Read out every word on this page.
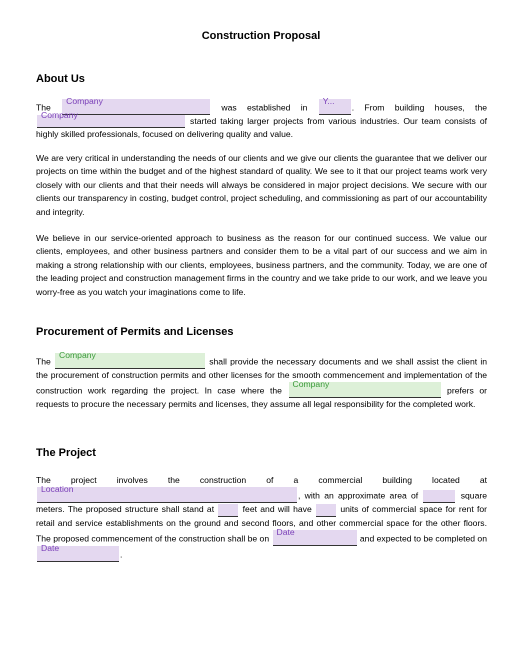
Construction Proposal
About Us
The
Company
was established in
Y...
. From building houses, the
Company
started taking larger projects from various industries. Our team consists of highly skilled professionals, focused on delivering quality and value.
We are very critical in understanding the needs of our clients and we give our clients the guarantee that we deliver our projects on time within the budget and of the highest standard of quality. We see to it that our project teams work very closely with our clients and that their needs will always be considered in major project decisions. We secure with our clients our transparency in costing, budget control, project scheduling, and commissioning as part of our accountability and integrity.
We believe in our service-oriented approach to business as the reason for our continued success. We value our clients, employees, and other business partners and consider them to be a vital part of our success and we aim in making a strong relationship with our clients, employees, business partners, and the community. Today, we are one of the leading project and construction management firms in the country and we take pride to our work, and we leave you worry-free as you watch your imaginations come to life.
Procurement of Permits and Licenses
The
Company
shall provide the necessary documents and we shall assist the client in the procurement of construction permits and other licenses for the smooth commencement and implementation of the construction work regarding the project. In case where the
Company
prefers or requests to procure the necessary permits and licenses, they assume all legal responsibility for the completed work.
The Project
The project involves the construction of a commercial building located at
Location
, with an approximate area of	square meters. The proposed structure shall stand at	feet and will have	units of commercial space for rent for retail and service establishments on the ground and second floors, and other commercial space for the other floors. The proposed commencement of the construction shall be on
Date
and expected to be completed on
Date
.
